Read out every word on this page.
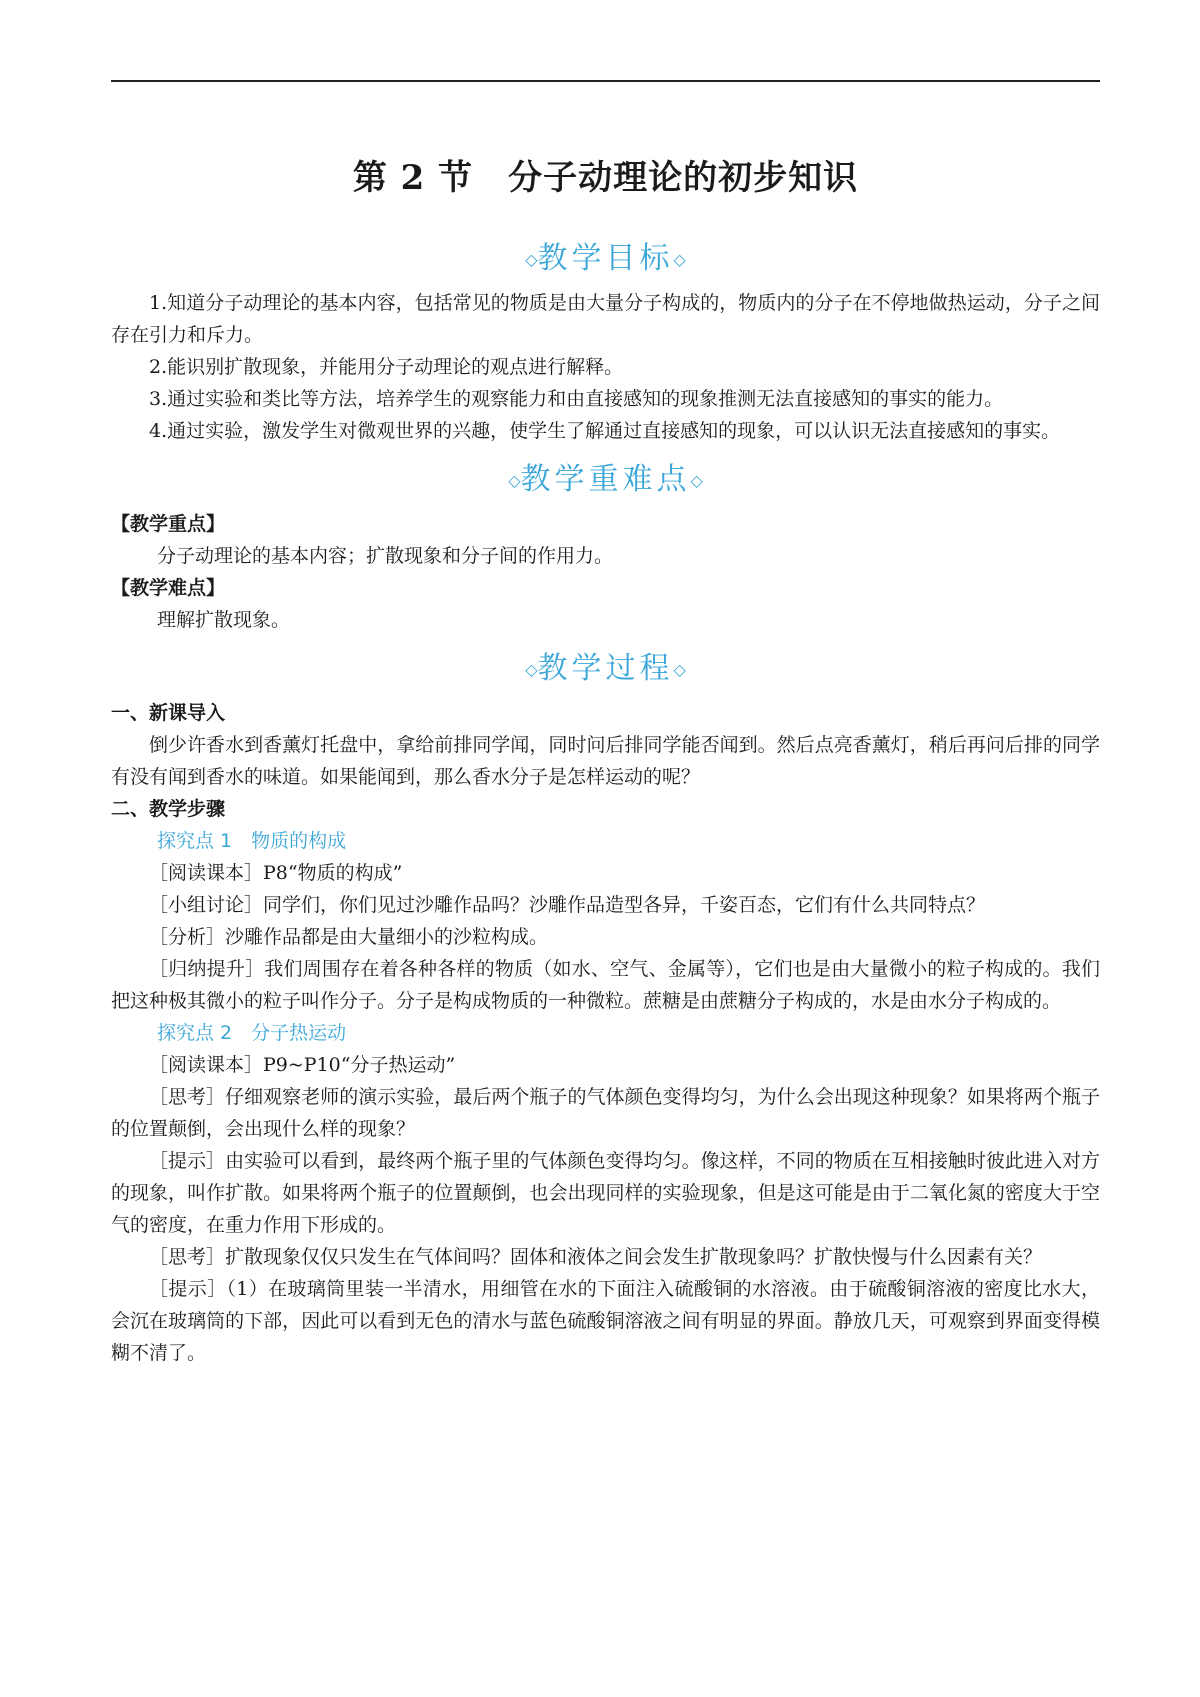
第 2 节　分子动理论的初步知识
◇教学目标◇

1.知道分子动理论的基本内容，包括常见的物质是由大量分子构成的，物质内的分子在不停地做热运动，分子之间存在引力和斥力。

2.能识别扩散现象，并能用分子动理论的观点进行解释。

3.通过实验和类比等方法，培养学生的观察能力和由直接感知的现象推测无法直接感知的事实的能力。

4.通过实验，激发学生对微观世界的兴趣，使学生了解通过直接感知的现象，可以认识无法直接感知的事实。

◇教学重难点◇

【教学重点】

分子动理论的基本内容；扩散现象和分子间的作用力。

【教学难点】

理解扩散现象。

◇教学过程◇

一、新课导入

倒少许香水到香薰灯托盘中，拿给前排同学闻，同时问后排同学能否闻到。然后点亮香薰灯，稍后再问后排的同学有没有闻到香水的味道。如果能闻到，那么香水分子是怎样运动的呢？

二、教学步骤

探究点 1　物质的构成

［阅读课本］P8“物质的构成”

［小组讨论］同学们，你们见过沙雕作品吗？沙雕作品造型各异，千姿百态，它们有什么共同特点？

［分析］沙雕作品都是由大量细小的沙粒构成。

［归纳提升］我们周围存在着各种各样的物质（如水、空气、金属等），它们也是由大量微小的粒子构成的。我们把这种极其微小的粒子叫作分子。分子是构成物质的一种微粒。蔗糖是由蔗糖分子构成的，水是由水分子构成的。

探究点 2　分子热运动

［阅读课本］P9~P10“分子热运动”

［思考］仔细观察老师的演示实验，最后两个瓶子的气体颜色变得均匀，为什么会出现这种现象？如果将两个瓶子的位置颠倒，会出现什么样的现象？

［提示］由实验可以看到，最终两个瓶子里的气体颜色变得均匀。像这样，不同的物质在互相接触时彼此进入对方的现象，叫作扩散。如果将两个瓶子的位置颠倒，也会出现同样的实验现象，但是这可能是由于二氧化氮的密度大于空气的密度，在重力作用下形成的。

［思考］扩散现象仅仅只发生在气体间吗？固体和液体之间会发生扩散现象吗？扩散快慢与什么因素有关？

［提示］（1）在玻璃筒里装一半清水，用细管在水的下面注入硫酸铜的水溶液。由于硫酸铜溶液的密度比水大，会沉在玻璃筒的下部，因此可以看到无色的清水与蓝色硫酸铜溶液之间有明显的界面。静放几天，可观察到界面变得模糊不清了。
